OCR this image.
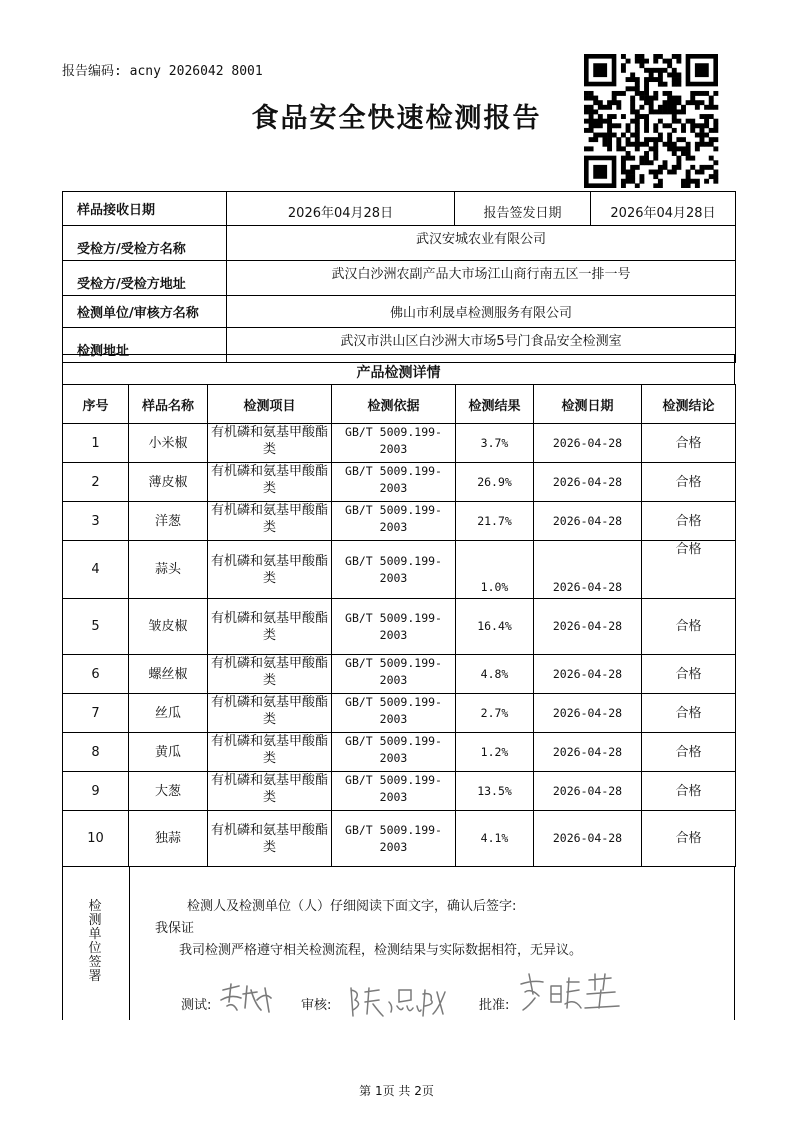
报告编码: acny 2026042 8001
食品安全快速检测报告
样品接收日期	2026年04月28日	报告签发日期	2026年04月28日
受检方/受检方名称	武汉安城农业有限公司		
受检方/受检方地址	武汉白沙洲农副产品大市场江山商行南五区一排一号		
检测单位/审核方名称	佛山市利晟卓检测服务有限公司		
检测地址	武汉市洪山区白沙洲大市场5号门食品安全检测室		
产品检测详情
序号	样品名称	检测项目	检测依据	检测结果	检测日期	检测结论
1	小米椒	有机磷和氨基甲酸酯类	GB/T 5009.199-2003	3.7%	2026-04-28	合格
2	薄皮椒	有机磷和氨基甲酸酯类	GB/T 5009.199-2003	26.9%	2026-04-28	合格
3	洋葱	有机磷和氨基甲酸酯类	GB/T 5009.199-2003	21.7%	2026-04-28	合格
4	蒜头	有机磷和氨基甲酸酯类	GB/T 5009.199-2003	1.0%	2026-04-28	合格
5	皱皮椒	有机磷和氨基甲酸酯类	GB/T 5009.199-2003	16.4%	2026-04-28	合格
6	螺丝椒	有机磷和氨基甲酸酯类	GB/T 5009.199-2003	4.8%	2026-04-28	合格
7	丝瓜	有机磷和氨基甲酸酯类	GB/T 5009.199-2003	2.7%	2026-04-28	合格
8	黄瓜	有机磷和氨基甲酸酯类	GB/T 5009.199-2003	1.2%	2026-04-28	合格
9	大葱	有机磷和氨基甲酸酯类	GB/T 5009.199-2003	13.5%	2026-04-28	合格
10	独蒜	有机磷和氨基甲酸酯类	GB/T 5009.199-2003	4.1%	2026-04-28	合格
检测单位签署
检测人及检测单位（人）仔细阅读下面文字，确认后签字:
我保证
我司检测严格遵守相关检测流程，检测结果与实际数据相符，无异议。
测试:	审核:	批准:
第 1页 共 2页
